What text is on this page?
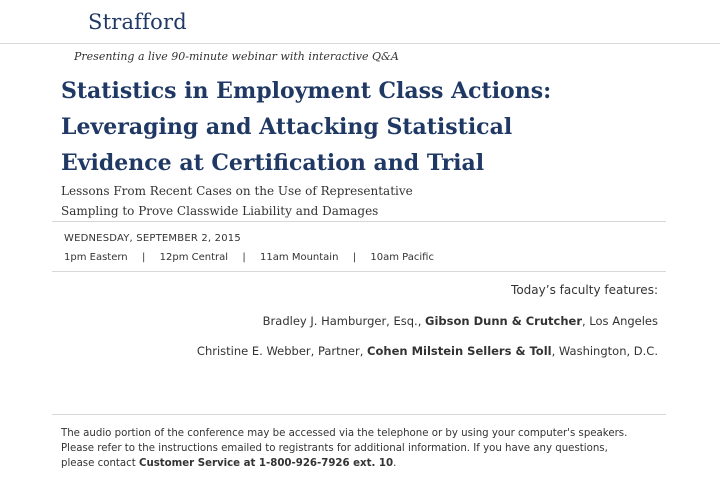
Strafford
Presenting a live 90-minute webinar with interactive Q&A
Statistics in Employment Class Actions:
Leveraging and Attacking Statistical
Evidence at Certification and Trial
Lessons From Recent Cases on the Use of Representative
Sampling to Prove Classwide Liability and Damages
WEDNESDAY, SEPTEMBER 2, 2015
1pm Eastern | 12pm Central | 11am Mountain | 10am Pacific
Today’s faculty features:
Bradley J. Hamburger, Esq., Gibson Dunn & Crutcher, Los Angeles
Christine E. Webber, Partner, Cohen Milstein Sellers & Toll, Washington, D.C.
The audio portion of the conference may be accessed via the telephone or by using your computer's speakers.
Please refer to the instructions emailed to registrants for additional information. If you have any questions,
please contact Customer Service at 1-800-926-7926 ext. 10.
